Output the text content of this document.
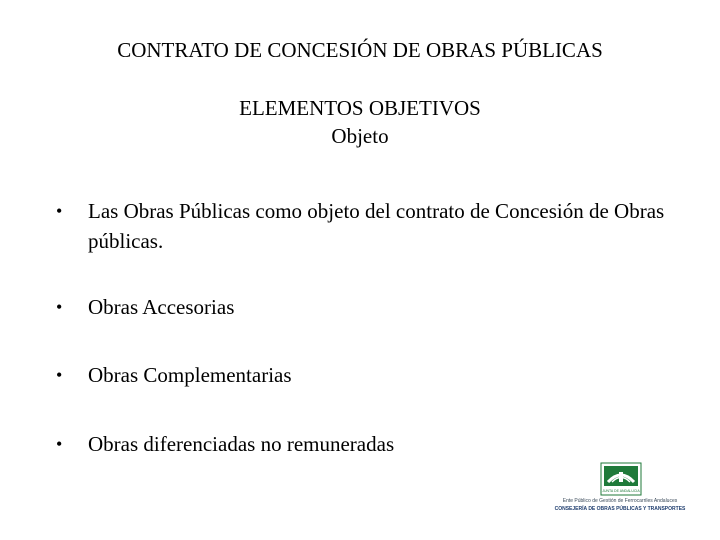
CONTRATO DE CONCESIÓN DE OBRAS PÚBLICAS
ELEMENTOS OBJETIVOS
Objeto
•	Las Obras Públicas como objeto del contrato de Concesión de Obras públicas.
•	Obras Accesorias
•	Obras Complementarias
•	Obras diferenciadas no remuneradas
JUNTA DE ANDALUCIA
Ente Público de Gestión de Ferrocarriles Andaluces
CONSEJERÍA DE OBRAS PÚBLICAS Y TRANSPORTES
